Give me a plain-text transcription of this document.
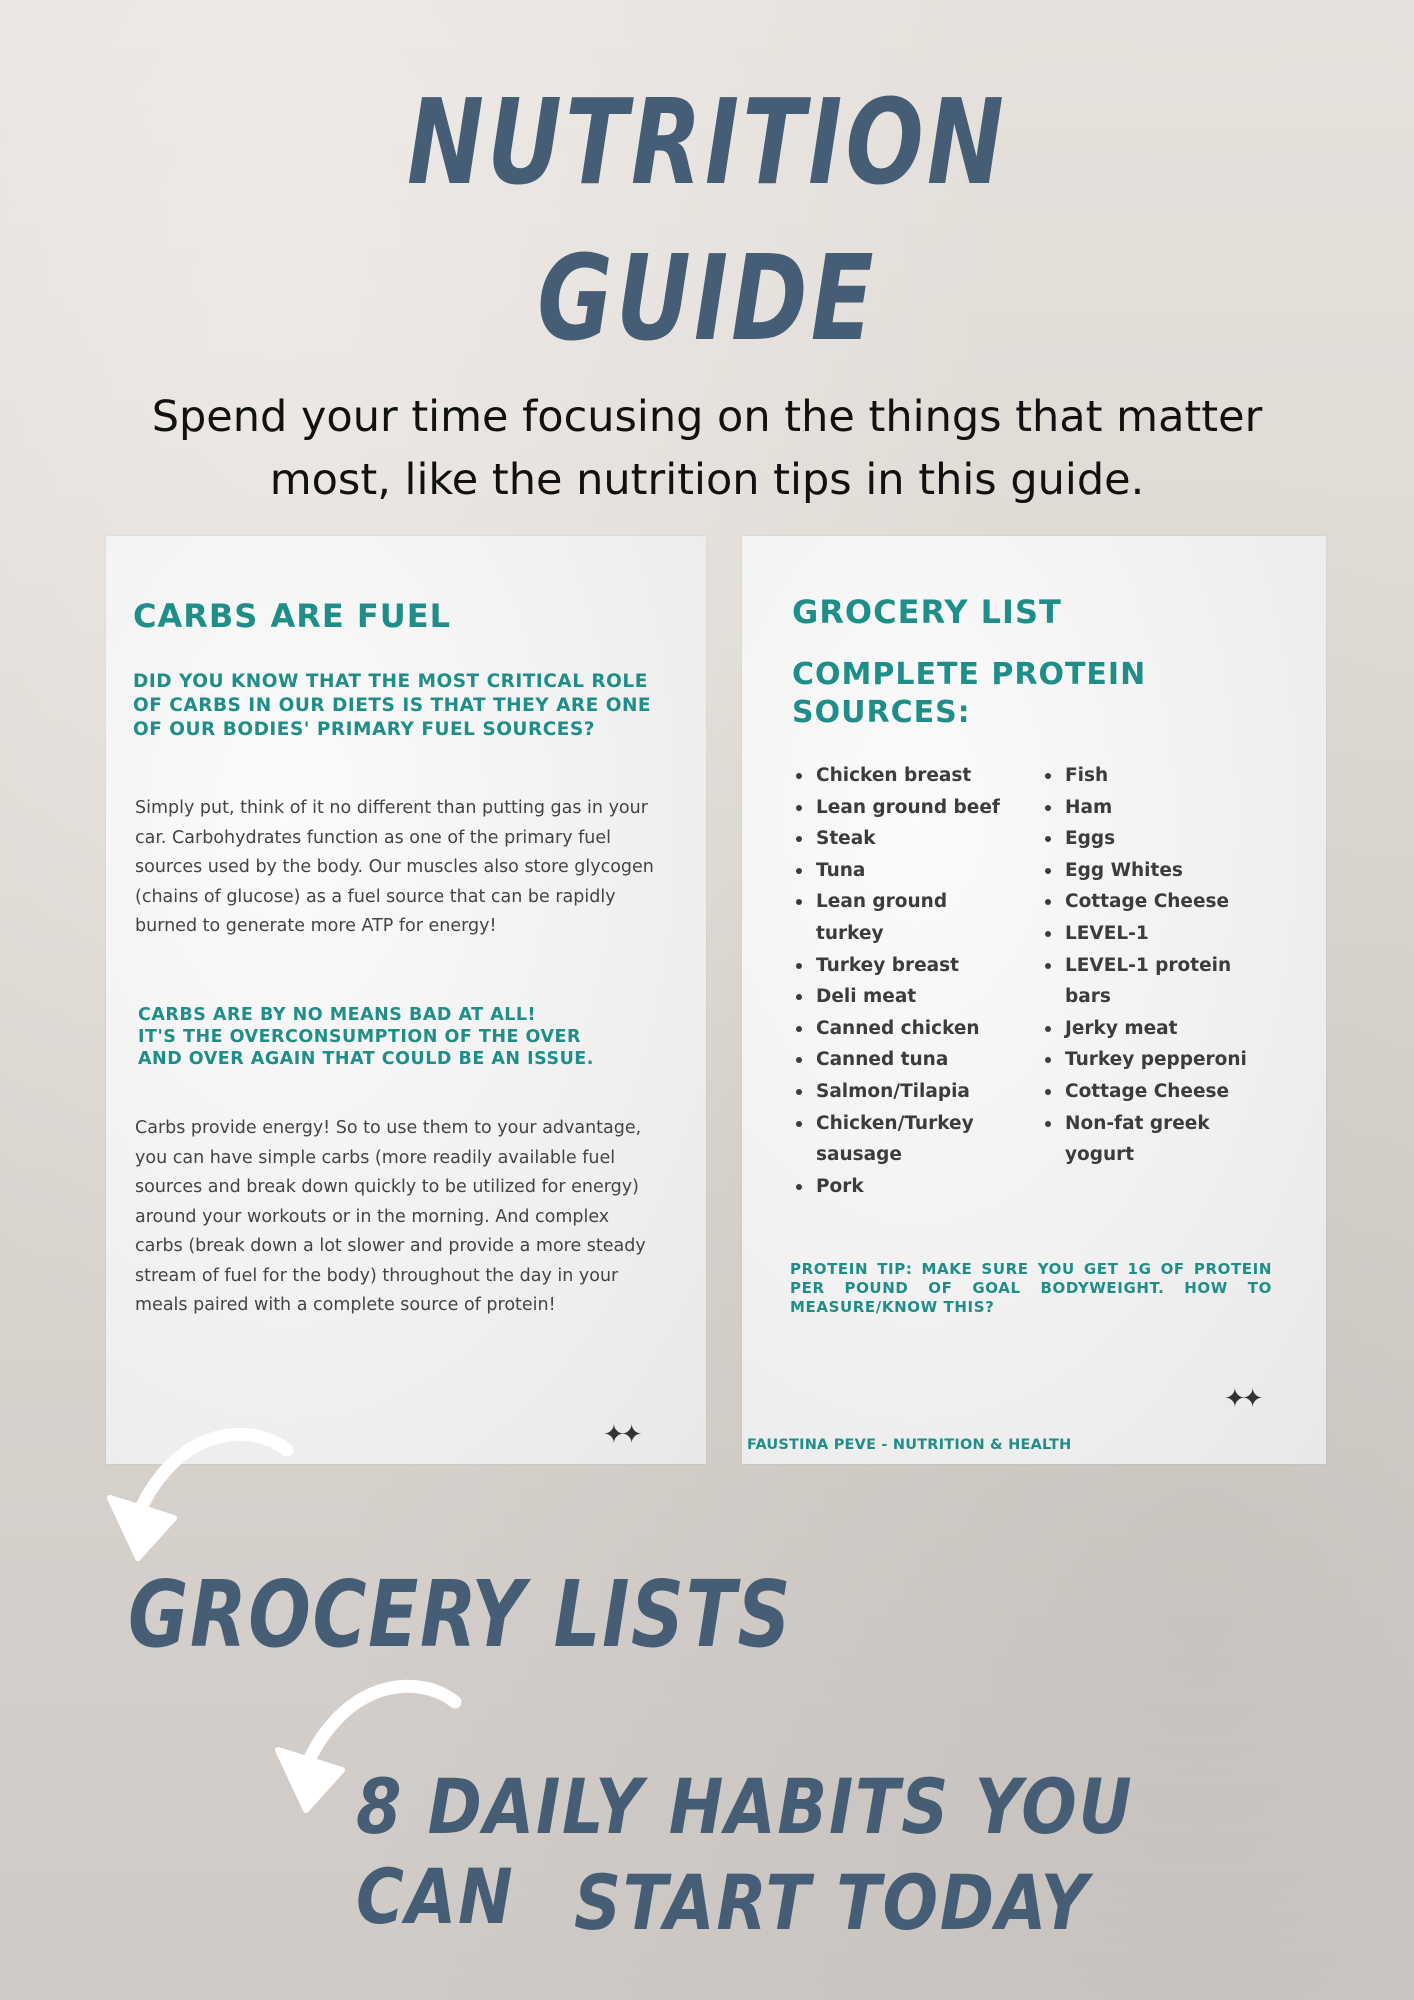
NUTRITION
GUIDE
Spend your time focusing on the things that matter most, like the nutrition tips in this guide.
CARBS ARE FUEL
DID YOU KNOW THAT THE MOST CRITICAL ROLE OF CARBS IN OUR DIETS IS THAT THEY ARE ONE OF OUR BODIES' PRIMARY FUEL SOURCES?

Simply put, think of it no different than putting gas in your car. Carbohydrates function as one of the primary fuel sources used by the body. Our muscles also store glycogen (chains of glucose) as a fuel source that can be rapidly burned to generate more ATP for energy!

CARBS ARE BY NO MEANS BAD AT ALL!
IT'S THE OVERCONSUMPTION OF THE OVER
AND OVER AGAIN THAT COULD BE AN ISSUE.

Carbs provide energy! So to use them to your advantage, you can have simple carbs (more readily available fuel sources and break down quickly to be utilized for energy) around your workouts or in the morning. And complex carbs (break down a lot slower and provide a more steady stream of fuel for the body) throughout the day in your meals paired with a complete source of protein!

✦✦
GROCERY LIST
COMPLETE PROTEIN SOURCES:
Chicken breast
Lean ground beef
Steak
Tuna
Lean ground turkey
Turkey breast
Deli meat
Canned chicken
Canned tuna
Salmon/Tilapia
Chicken/Turkey sausage
Pork
Fish
Ham
Eggs
Egg Whites
Cottage Cheese
LEVEL-1
LEVEL-1 protein bars
Jerky meat
Turkey pepperoni
Cottage Cheese
Non-fat greek yogurt

PROTEIN TIP: MAKE SURE YOU GET 1G OF PROTEIN PER POUND OF GOAL BODYWEIGHT. HOW TO MEASURE/KNOW THIS?

✦✦
FAUSTINA PEVE - NUTRITION & HEALTH
GROCERY LISTS
8 DAILY HABITS YOU CAN START TODAY
